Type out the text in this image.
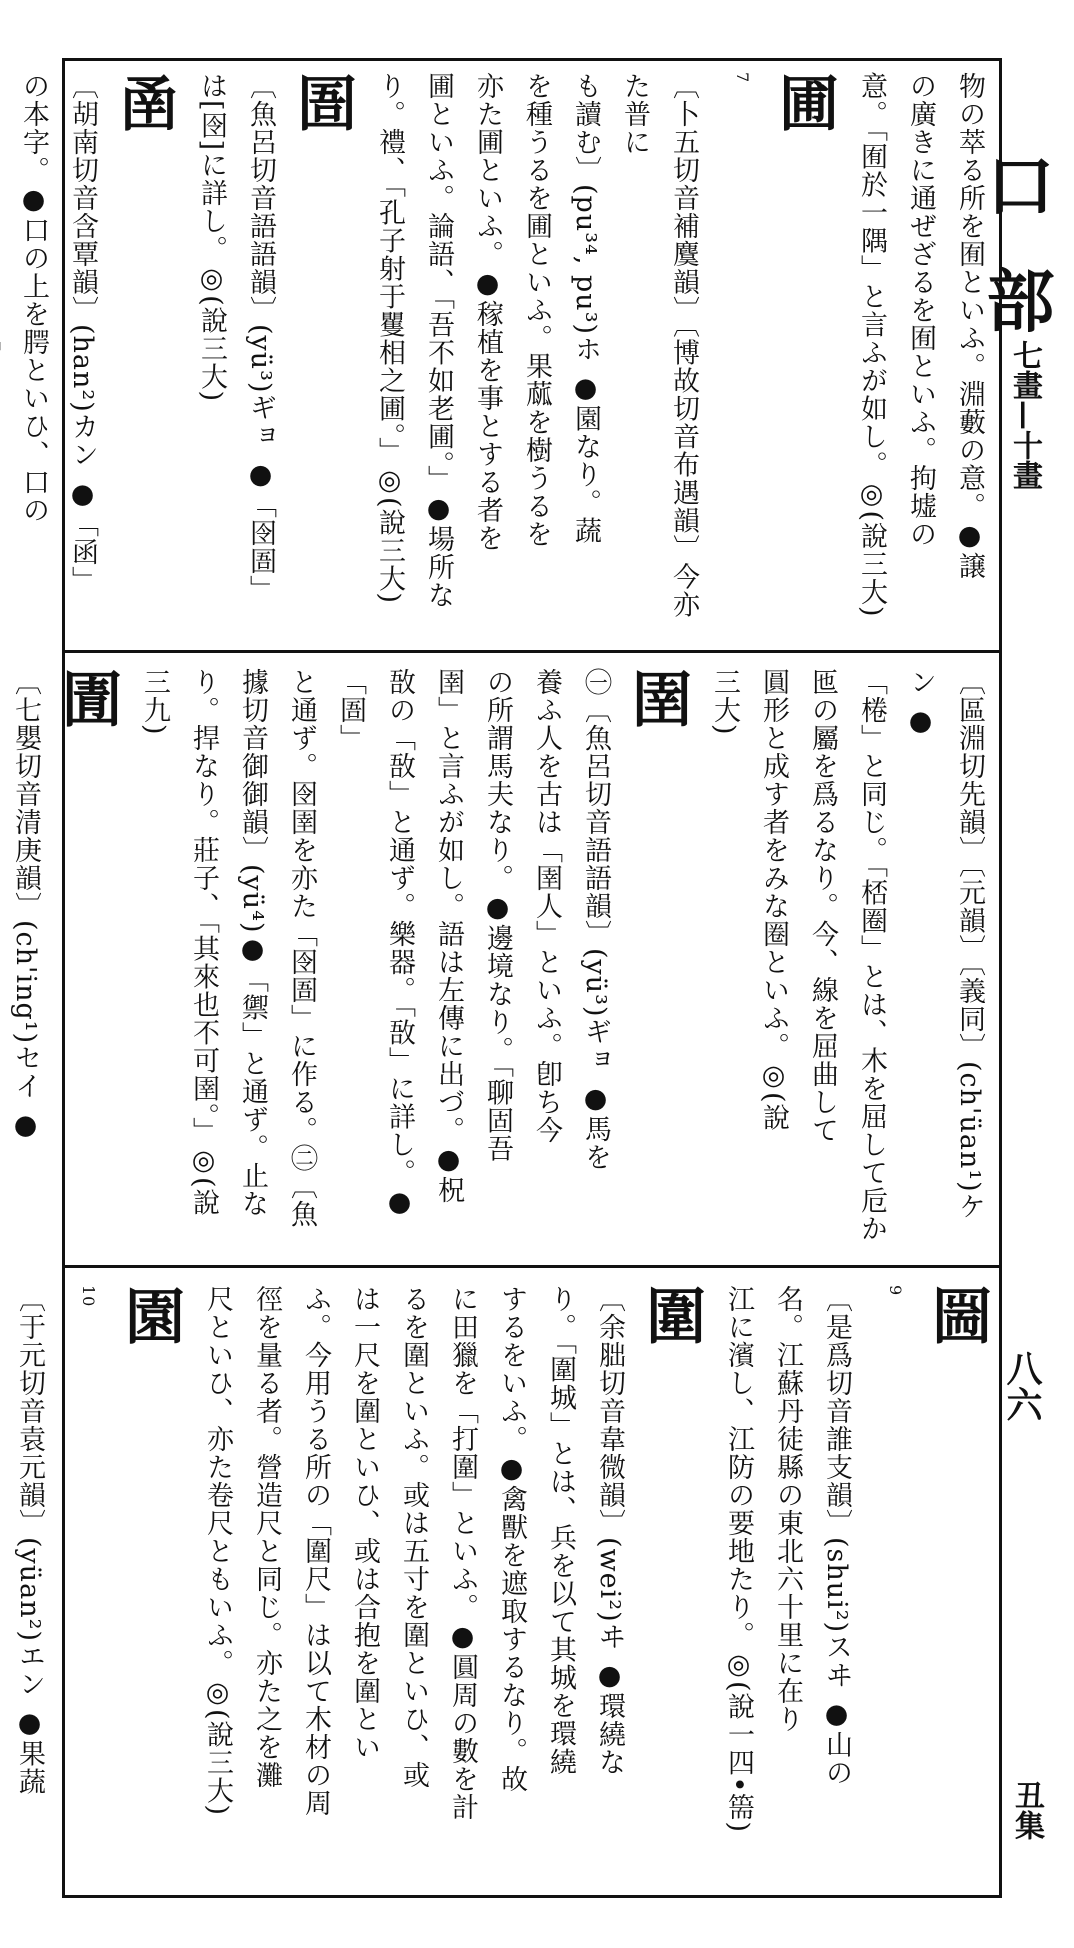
口 部
七畫—十畫
八六
丑集
物の萃る所を囿といふ。淵藪の意。●譲
の廣きに通ぜざるを囿といふ。拘墟の
意。「囿於一隅」と言ふが如し。◎(說三大)
圃
$^7$
〔卜五切音補麌韻〕〔博故切音布遇韻〕今亦た普に
も讀む〕(pu³⁴, pu³)ホ ●園なり。蔬
を種うるを圃といふ。果蓏を樹うるを
亦た圃といふ。●稼植を事とする者を
圃といふ。論語、「吾不如老圃。」●場所な
り。禮、「孔子射于矍相之圃。」◎(說三大)
圄
〔魚呂切音語語韻〕(yü³)ギョ ●「囹圄」
は[囹]に詳し。◎(說三大)
圅
〔胡南切音含覃韻〕(han²)カン ●「函」
の本字。●口の上を腭といひ、口の
〔區淵切先韻〕〔元韻〕〔義同〕(ch'üan¹)ケン ●
「棬」と同じ。「桮圈」とは、木を屈して卮か
匜の屬を爲るなり。今、線を屈曲して
圓形と成す者をみな圈といふ。◎(說
三大)
圉
㊀〔魚呂切音語語韻〕(yü³)ギョ ●馬を
養ふ人を古は「圉人」といふ。卽ち今
の所謂馬夫なり。●邊境なり。「聊固吾
圉」と言ふが如し。語は左傳に出づ。●柷
敔の「敔」と通ず。樂器。「敔」に詳し。●「圄」
と通ず。囹圉を亦た「囹圄」に作る。㊁〔魚
據切音御御韻〕(yü⁴)●「禦」と通ず。止な
り。捍なり。莊子、「其來也不可圉。」◎(說
三九)
圊
〔七嬰切音清庚韻〕(ch'ing¹)セイ ●
圌
$^9$
〔是爲切音誰支韻〕(shui²)スヰ ●山の
名。江蘇丹徒縣の東北六十里に在り
江に濱し、江防の要地たり。◎(說一四•篅)
圍
〔余胐切音韋微韻〕(wei²)ヰ ●環繞な
り。「圍城」とは、兵を以て其城を環繞
するをいふ。●禽獸を遮取するなり。故
に田獵を「打圍」といふ。●圓周の數を計
るを圍といふ。或は五寸を圍といひ、或
は一尺を圍といひ、或は合抱を圍とい
ふ。今用うる所の「圍尺」は以て木材の周
徑を量る者。營造尺と同じ。亦た之を灘
尺といひ、亦た卷尺ともいふ。◎(說三大)
園
$^{10}$
〔于元切音袁元韻〕(yüan²)エン ●果蔬
